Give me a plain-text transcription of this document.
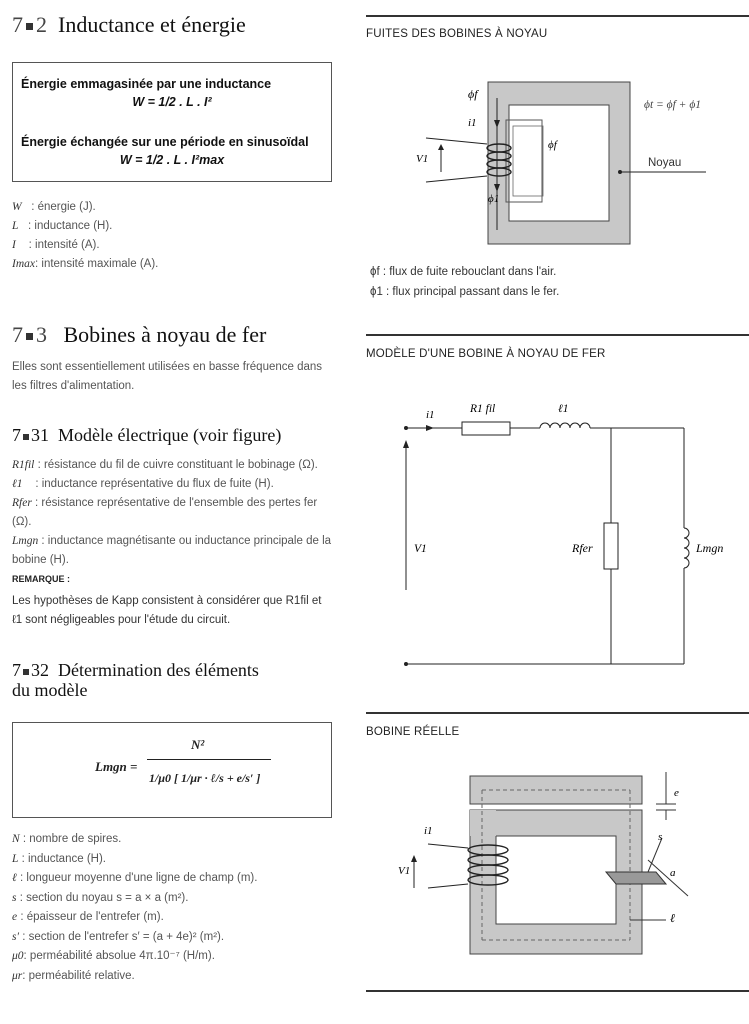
7 2 Inductance et énergie
Énergie emmagasinée par une inductance
W = 1/2 . L . I²
Énergie échangée sur une période en sinusoïdal
W = 1/2 . L . I²max
W : énergie (J).
L : inductance (H).
I : intensité (A).
Imax: intensité maximale (A).
7 3 Bobines à noyau de fer
Elles sont essentiellement utilisées en basse fréquence dans les filtres d'alimentation.
7 31 Modèle électrique (voir figure)
R1fil : résistance du fil de cuivre constituant le bobinage (Ω).
ℓ1 : inductance représentative du flux de fuite (H).
Rfer : résistance représentative de l'ensemble des pertes fer (Ω).
Lmgn : inductance magnétisante ou inductance principale de la bobine (H).
REMARQUE :
Les hypothèses de Kapp consistent à considérer que R1fil et ℓ1 sont négligeables pour l'étude du circuit.
7 32 Détermination des éléments
du modèle
Lmgn =
N²
1/μ0 [ 1/μr · ℓ/s + e/s′ ]
N : nombre de spires.
L : inductance (H).
ℓ : longueur moyenne d'une ligne de champ (m).
s : section du noyau s = a × a (m²).
e : épaisseur de l'entrefer (m).
s′ : section de l'entrefer s′ = (a + 4e)² (m²).
μ0: perméabilité absolue 4π.10⁻⁷ (H/m).
μr: perméabilité relative.
FUITES DES BOBINES À NOYAU
ϕf
i1
V1
ϕf
ϕ1
ϕt = ϕf + ϕ1
Noyau
ϕf : flux de fuite rebouclant dans l'air.
ϕ1 : flux principal passant dans le fer.
MODÈLE D'UNE BOBINE À NOYAU DE FER
i1	R1 fil	ℓ1
V1	Rfer	Lmgn
BOBINE RÉELLE
e
s
a
ℓ
i1
V1
